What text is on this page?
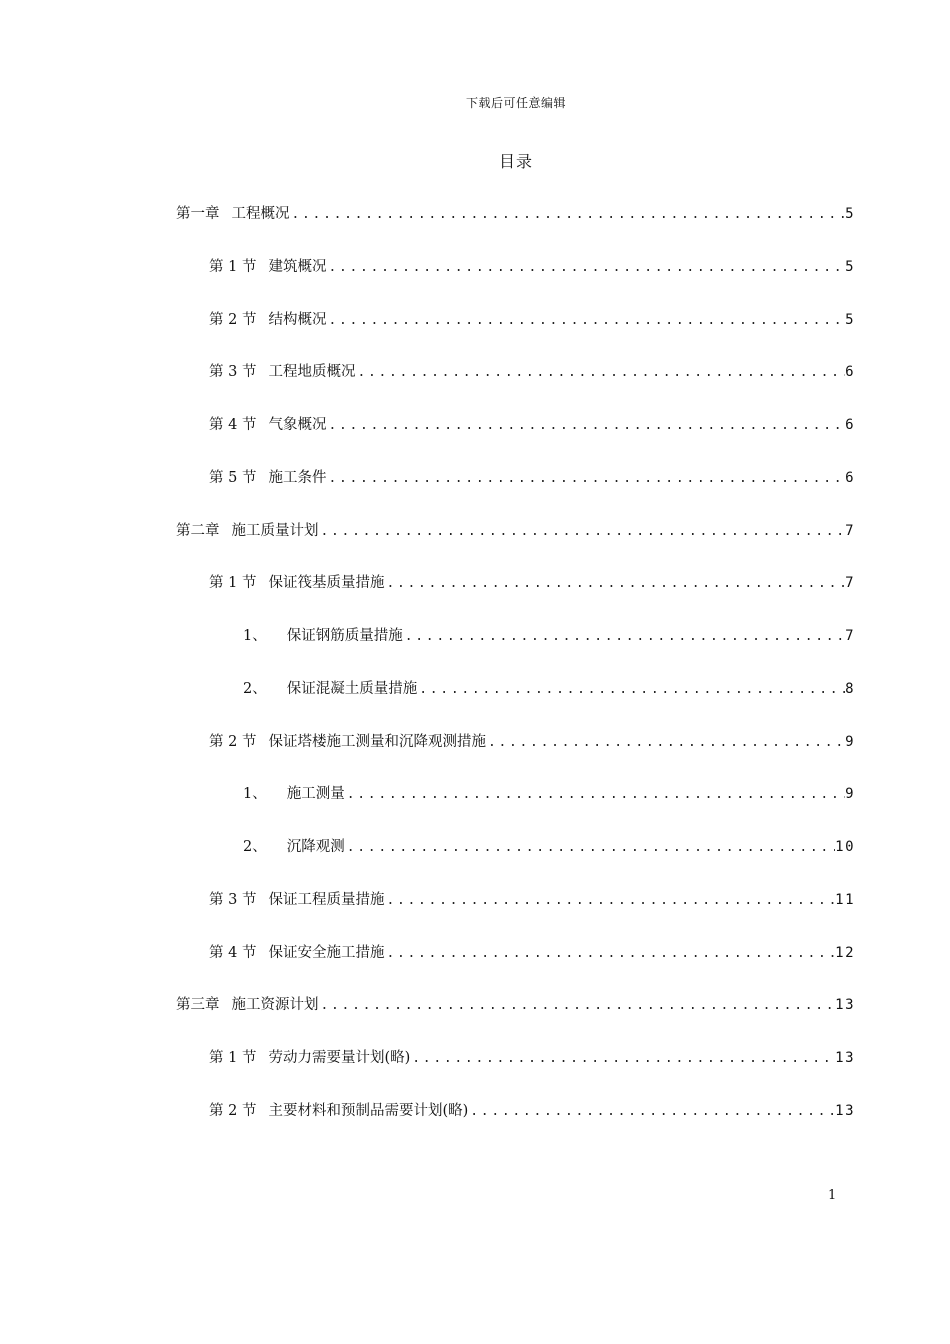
下载后可任意编辑
目录
第一章 工程概况 .....	5
第 1 节 建筑概况 .....	5
第 2 节 结构概况 .....	5
第 3 节 工程地质概况 .....	6
第 4 节 气象概况 .....	6
第 5 节 施工条件 .....	6
第二章 施工质量计划 .....	7
第 1 节 保证筏基质量措施 .....	7
1、 保证钢筋质量措施 .....	7
2、 保证混凝土质量措施 .....	8
第 2 节 保证塔楼施工测量和沉降观测措施 .....	9
1、 施工测量 .....	9
2、 沉降观测 .....	10
第 3 节 保证工程质量措施 .....	11
第 4 节 保证安全施工措施 .....	12
第三章 施工资源计划 .....	13
第 1 节 劳动力需要量计划(略) .....	13
第 2 节 主要材料和预制品需要计划(略) .....	13
1
